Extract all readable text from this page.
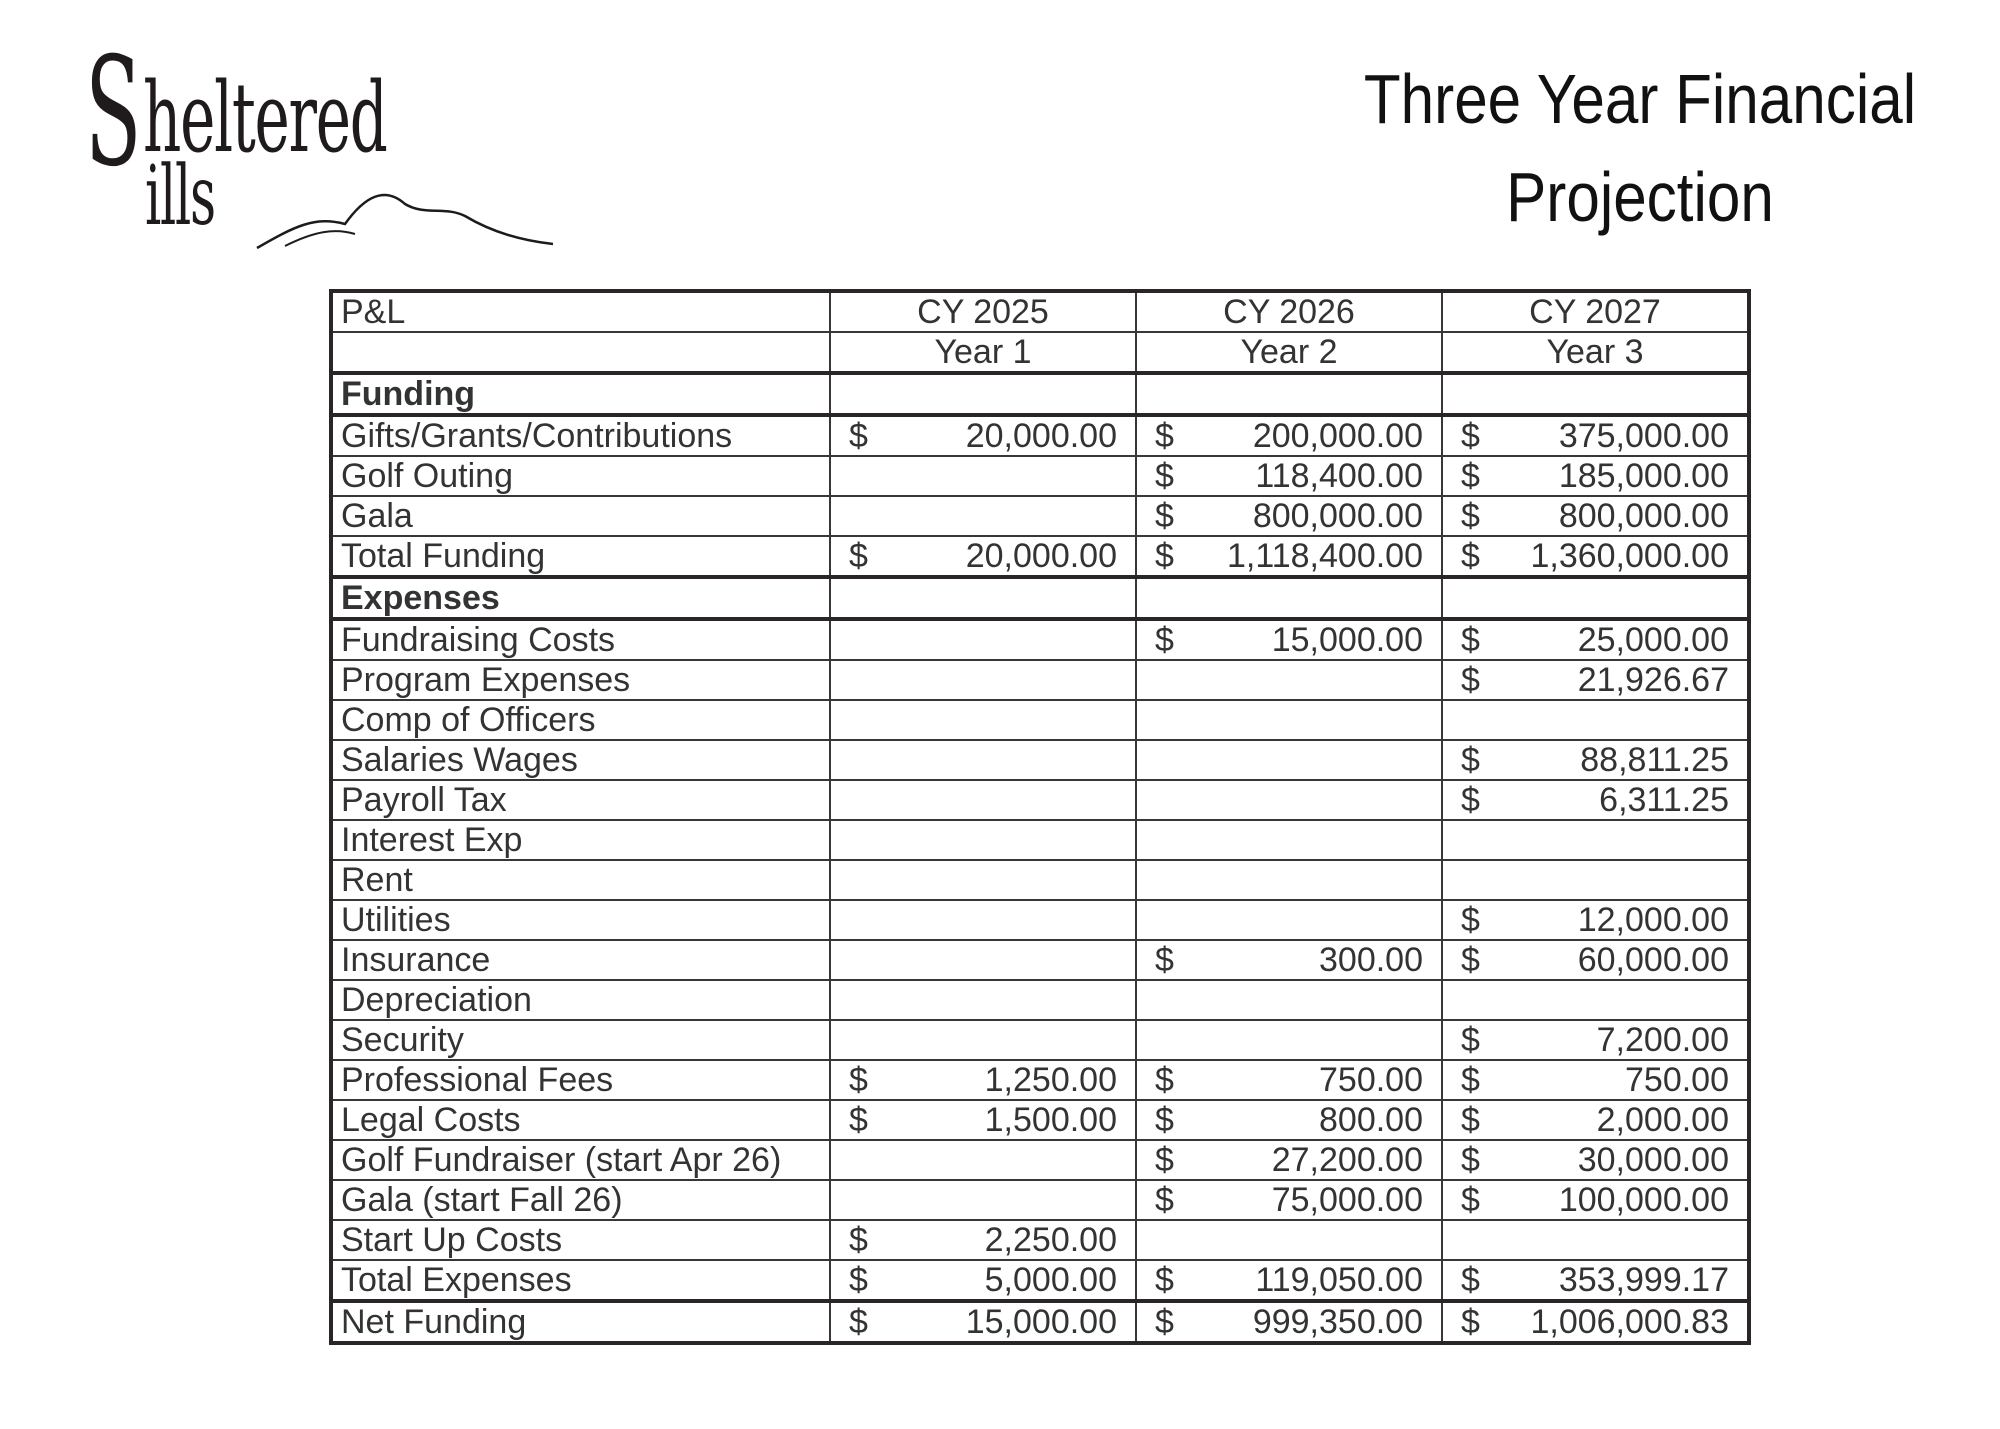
S heltered
ills
Three Year Financial
Projection
P&L	CY 2025	CY 2026	CY 2027
	Year 1	Year 2	Year 3
Funding			
Gifts/Grants/Contributions	$ 20,000.00	$ 200,000.00	$ 375,000.00

Golf Outing		$ 118,400.00	$ 185,000.00

Gala		$ 800,000.00	$ 800,000.00

Total Funding	$ 20,000.00	$ 1,118,400.00	$ 1,360,000.00

Expenses			
Fundraising Costs		$ 15,000.00	$ 25,000.00

Program Expenses			$ 21,926.67

Comp of Officers			
Salaries Wages			$ 88,811.25

Payroll Tax			$ 6,311.25

Interest Exp			
Rent			
Utilities			$ 12,000.00

Insurance		$ 300.00	$ 60,000.00

Depreciation			
Security			$ 7,200.00

Professional Fees	$ 1,250.00	$ 750.00	$ 750.00

Legal Costs	$ 1,500.00	$ 800.00	$ 2,000.00

Golf Fundraiser (start Apr 26)		$ 27,200.00	$ 30,000.00

Gala (start Fall 26)		$ 75,000.00	$ 100,000.00

Start Up Costs	$ 2,250.00		

Total Expenses	$ 5,000.00	$ 119,050.00	$ 353,999.17

Net Funding	$ 15,000.00	$ 999,350.00	$ 1,006,000.83
